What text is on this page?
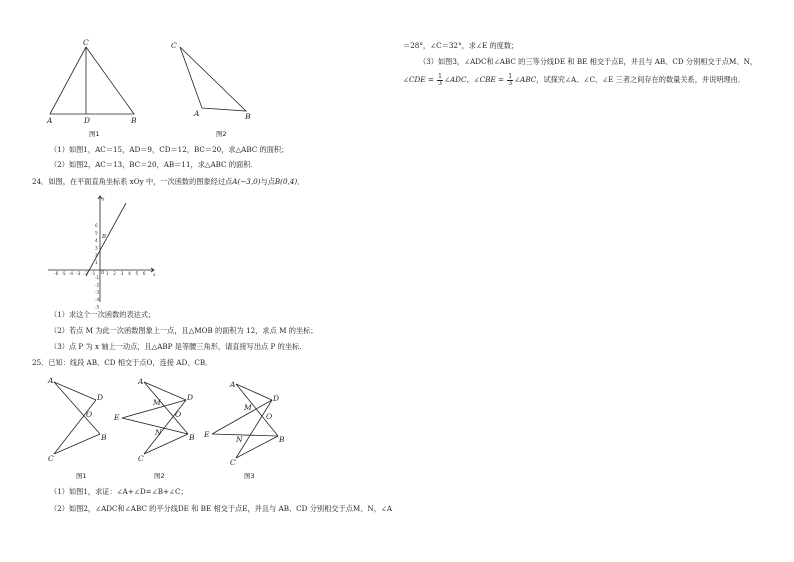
C
A	D	B
图1
C
A	B
图2
（1）如图1，AC＝15，AD＝9，CD＝12，BC＝20，求△ABC 的面积；
（2）如图2，AC＝13，BC＝20，AB＝11，求△ABC 的面积.
24．如图，在平面直角坐标系 xOy 中，一次函数的图象经过点A(−3,0)与点B(0,4)．
x
y
O
B
-6 -5 -4 -3 -2 -1	1 2 3 4 5 6
6
5
4
3
2
1
-1
-2
-3
-4
-5
（1）求这个一次函数的表达式；
（2）若点 M 为此一次函数图象上一点，且△MOB 的面积为 12，求点 M 的坐标；
（3）点 P 为 x 轴上一动点，且△ABP 是等腰三角形，请直接写出点 P 的坐标.
25．已知：线段 AB、CD 相交于点O，连接 AD、CB．
A
D
O
B
C
图1
A
M
D
O
E
N
B
C
图2
A
D
M
O
E
N	B
C
图3
（1）如图1，求证：∠A+∠D=∠B+∠C；
（2）如图2，∠ADC和∠ABC 的平分线DE 和 BE 相交于点E，并且与 AB、CD 分别相交于点M、N，∠A
＝28°，∠C＝32°，求∠E 的度数；
（3）如图3，∠ADC和∠ABC 的三等分线DE 和 BE 相交于点E，并且与 AB、CD 分别相交于点M、N，
∠CDE = $\frac{1}{3}$ ∠ADC，∠CBE = $\frac{1}{3}$ ∠ABC，试探究∠A、∠C、∠E 三者之间存在的数量关系，并说明理由．
